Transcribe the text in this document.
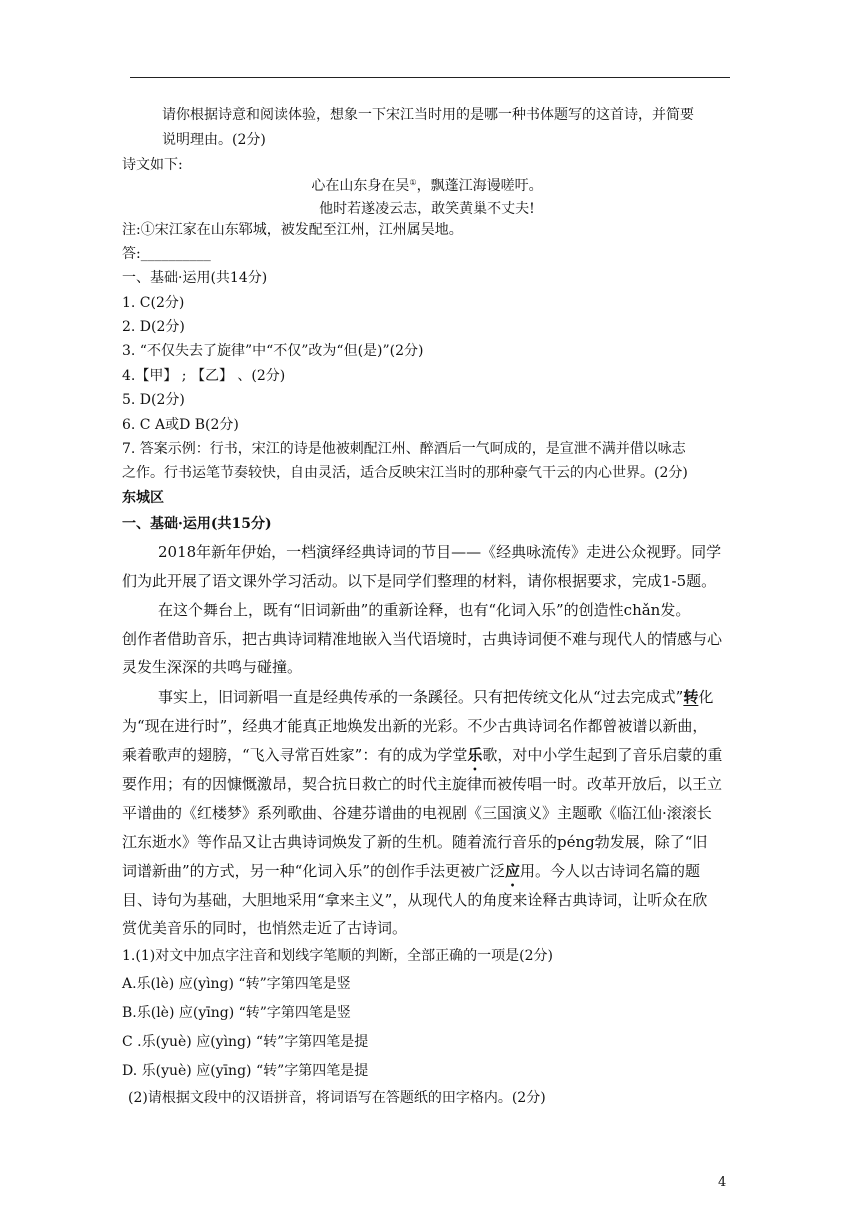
请你根据诗意和阅读体验，想象一下宋江当时用的是哪一种书体题写的这首诗，并简要
说明理由。(2分)
诗文如下:
心在山东身在吴①，飘蓬江海谩嗟吁。
他时若遂凌云志，敢笑黄巢不丈夫!
注:①宋江家在山东郓城，被发配至江州，江州属吴地。
答:__________
一、基础·运用(共14分)
1. C(2分)
2. D(2分)
3. “不仅失去了旋律”中“不仅”改为“但(是)”(2分)
4.【甲】 ; 【乙】 、(2分)
5. D(2分)
6. C A或D B(2分)
7. 答案示例：行书，宋江的诗是他被刺配江州、醉酒后一气呵成的，是宣泄不满并借以咏志
之作。行书运笔节奏较快，自由灵活，适合反映宋江当时的那种豪气干云的内心世界。(2分)
东城区
一、基础·运用(共15分)
2018年新年伊始，一档演绎经典诗词的节目——《经典咏流传》走进公众视野。同学
们为此开展了语文课外学习活动。以下是同学们整理的材料，请你根据要求，完成1-5题。
在这个舞台上，既有“旧词新曲”的重新诠释，也有“化词入乐”的创造性chǎn发。
创作者借助音乐，把古典诗词精准地嵌入当代语境时，古典诗词便不难与现代人的情感与心
灵发生深深的共鸣与碰撞。
事实上，旧词新唱一直是经典传承的一条蹊径。只有把传统文化从“过去完成式”转化
为“现在进行时”，经典才能真正地焕发出新的光彩。不少古典诗词名作都曾被谱以新曲，
乘着歌声的翅膀，“飞入寻常百姓家”：有的成为学堂乐歌，对中小学生起到了音乐启蒙的重
要作用；有的因慷慨激昂，契合抗日救亡的时代主旋律而被传唱一时。改革开放后，以王立
平谱曲的《红楼梦》系列歌曲、谷建芬谱曲的电视剧《三国演义》主题歌《临江仙·滚滚长
江东逝水》等作品又让古典诗词焕发了新的生机。随着流行音乐的péng勃发展，除了“旧
词谱新曲”的方式，另一种“化词入乐”的创作手法更被广泛应用。今人以古诗词名篇的题
目、诗句为基础，大胆地采用“拿来主义”，从现代人的角度来诠释古典诗词，让听众在欣
赏优美音乐的同时，也悄然走近了古诗词。
1.(1)对文中加点字注音和划线字笔顺的判断，全部正确的一项是(2分)
A.乐(lè) 应(yìng) “转”字第四笔是竖
B.乐(lè) 应(yīng) “转”字第四笔是竖
C .乐(yuè) 应(yìng) “转”字第四笔是提
D. 乐(yuè) 应(yīng) “转”字第四笔是提
(2)请根据文段中的汉语拼音，将词语写在答题纸的田字格内。(2分)
4
